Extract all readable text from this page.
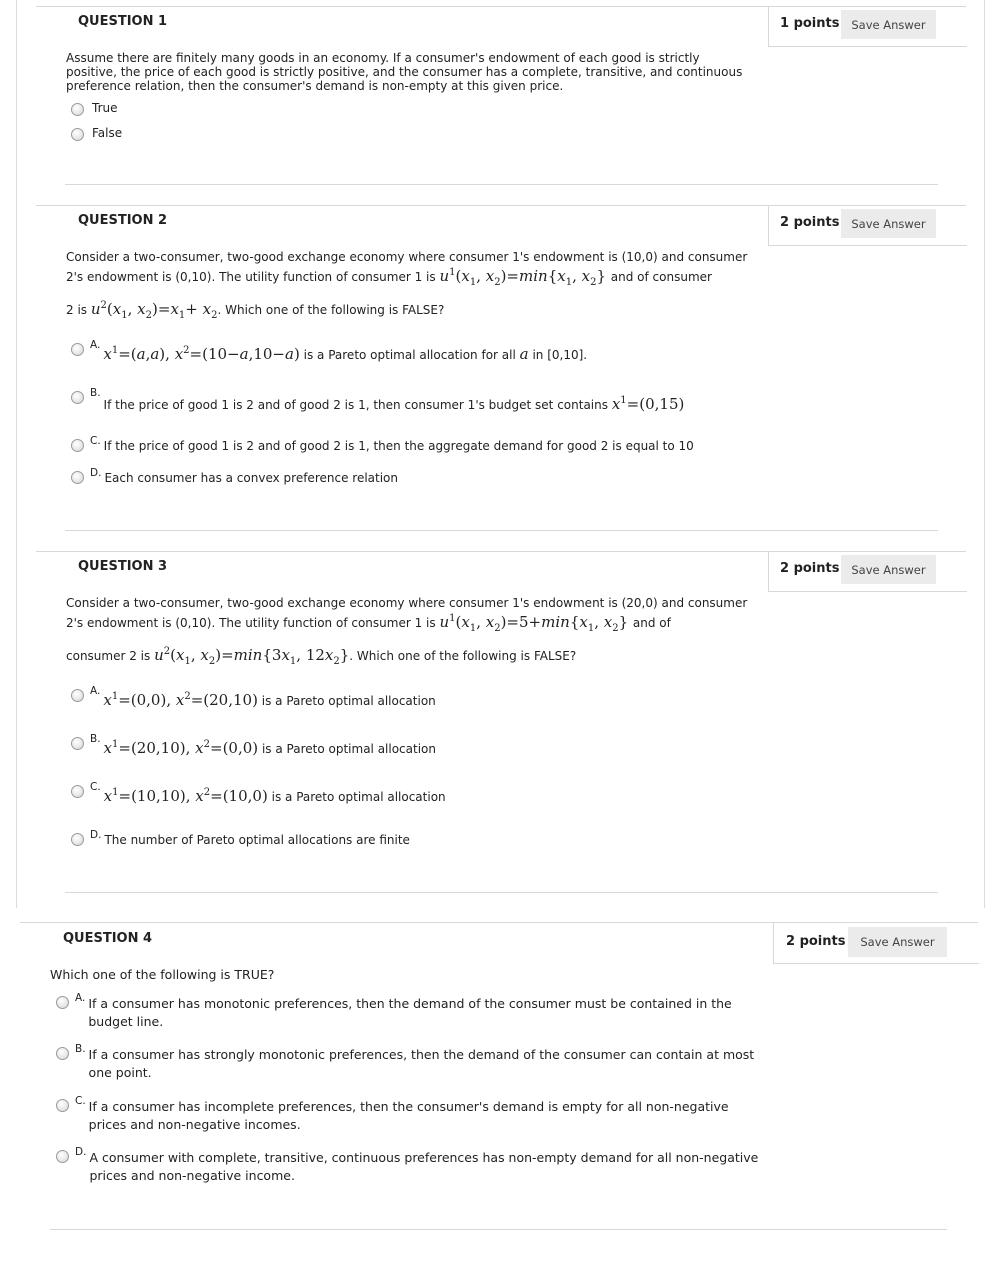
QUESTION 1	1 points	Save Answer
Assume there are finitely many goods in an economy. If a consumer's endowment of each good is strictly
positive, the price of each good is strictly positive, and the consumer has a complete, transitive, and continuous
preference relation, then the consumer's demand is non-empty at this given price.
True
False
QUESTION 2	2 points	Save Answer
Consider a two-consumer, two-good exchange economy where consumer 1's endowment is (10,0) and consumer
2's endowment is (0,10). The utility function of consumer 1 is $u^1(x_1$, $x_2)=\min\{x_1$, $x_2$} and of consumer
2 is $u^2(x_1$, $x_2)=x_1+ x_2$. Which one of the following is FALSE?
A. $x^1=(a,a)$, $x^2=(10-a,10-a)$ is a Pareto optimal allocation for all a in [0,10].
B.
If the price of good 1 is 2 and of good 2 is 1, then consumer 1's budget set contains $x^1=(0,15)$
C. If the price of good 1 is 2 and of good 2 is 1, then the aggregate demand for good 2 is equal to 10
D. Each consumer has a convex preference relation
QUESTION 3	2 points	Save Answer
Consider a two-consumer, two-good exchange economy where consumer 1's endowment is (20,0) and consumer
2's endowment is (0,10). The utility function of consumer 1 is $u^1(x_1$, $x_2)=5+\min\{x_1$, $x_2$} and of
consumer 2 is $u^2(x_1$, $x_2)=\min\{3x_1$, $12x_2$}. Which one of the following is FALSE?
A. $x^1=(0,0)$, $x^2=(20,10)$ is a Pareto optimal allocation
B. $x^1=(20,10)$, $x^2=(0,0)$ is a Pareto optimal allocation
C. $x^1=(10,10)$, $x^2=(10,0)$ is a Pareto optimal allocation
D. The number of Pareto optimal allocations are finite
QUESTION 4	2 points	Save Answer
Which one of the following is TRUE?
A. If a consumer has monotonic preferences, then the demand of the consumer must be contained in the
budget line.
B. If a consumer has strongly monotonic preferences, then the demand of the consumer can contain at most
one point.
C. If a consumer has incomplete preferences, then the consumer's demand is empty for all non-negative
prices and non-negative incomes.
D. A consumer with complete, transitive, continuous preferences has non-empty demand for all non-negative
prices and non-negative income.
